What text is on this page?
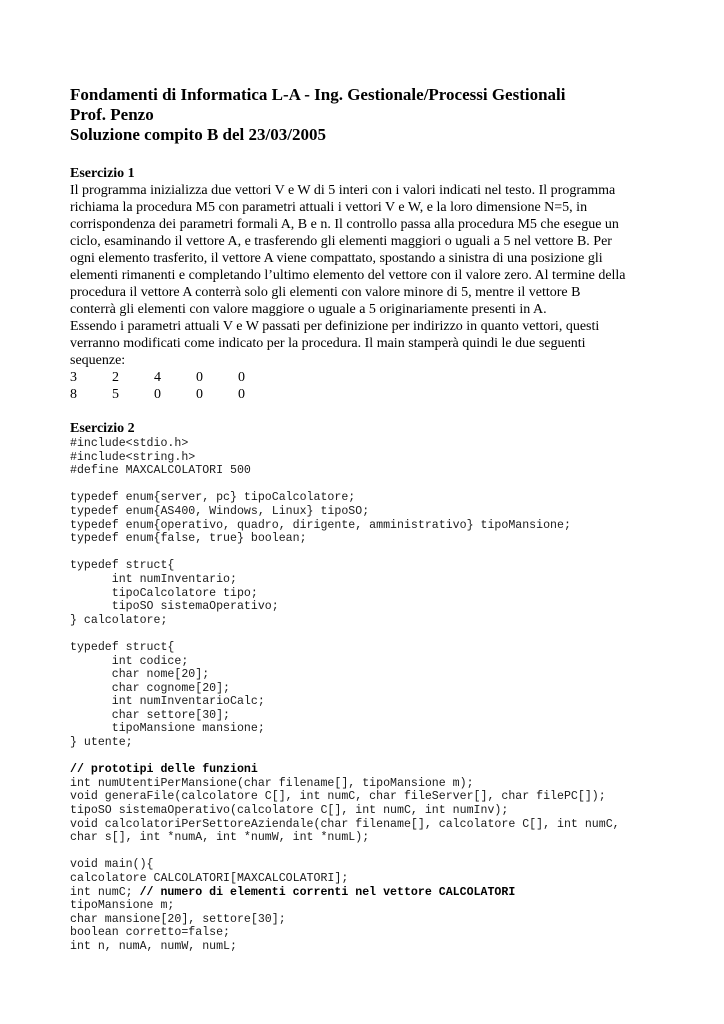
Fondamenti di Informatica L-A - Ing. Gestionale/Processi Gestionali

Prof. Penzo

Soluzione compito B del 23/03/2005

Esercizio 1

Il programma inizializza due vettori V e W di 5 interi con i valori indicati nel testo. Il programma

richiama la procedura M5 con parametri attuali i vettori V e W, e la loro dimensione N=5, in

corrispondenza dei parametri formali A, B e n. Il controllo passa alla procedura M5 che esegue un

ciclo, esaminando il vettore A, e trasferendo gli elementi maggiori o uguali a 5 nel vettore B. Per

ogni elemento trasferito, il vettore A viene compattato, spostando a sinistra di una posizione gli

elementi rimanenti e completando l’ultimo elemento del vettore con il valore zero. Al termine della

procedura il vettore A conterrà solo gli elementi con valore minore di 5, mentre il vettore B

conterrà gli elementi con valore maggiore o uguale a 5 originariamente presenti in A.

Essendo i parametri attuali V e W passati per definizione per indirizzo in quanto vettori, questi

verranno modificati come indicato per la procedura. Il main stamperà quindi le due seguenti

sequenze:

3	2	4	0	0
8	5	0	0	0

Esercizio 2

#include<stdio.h>
#include<string.h>
#define MAXCALCOLATORI 500
typedef enum{server, pc} tipoCalcolatore;
typedef enum{AS400, Windows, Linux} tipoSO;
typedef enum{operativo, quadro, dirigente, amministrativo} tipoMansione;
typedef enum{false, true} boolean;
typedef struct{
int numInventario;
tipoCalcolatore tipo;
tipoSO sistemaOperativo;
} calcolatore;
typedef struct{
int codice;
char nome[20];
char cognome[20];
int numInventarioCalc;
char settore[30];
tipoMansione mansione;
} utente;
// prototipi delle funzioni
int numUtentiPerMansione(char filename[], tipoMansione m);
void generaFile(calcolatore C[], int numC, char fileServer[], char filePC[]);
tipoSO sistemaOperativo(calcolatore C[], int numC, int numInv);
void calcolatoriPerSettoreAziendale(char filename[], calcolatore C[], int numC,
char s[], int *numA, int *numW, int *numL);
void main(){
calcolatore CALCOLATORI[MAXCALCOLATORI];
int numC; // numero di elementi correnti nel vettore CALCOLATORI
tipoMansione m;
char mansione[20], settore[30];
boolean corretto=false;
int n, numA, numW, numL;
